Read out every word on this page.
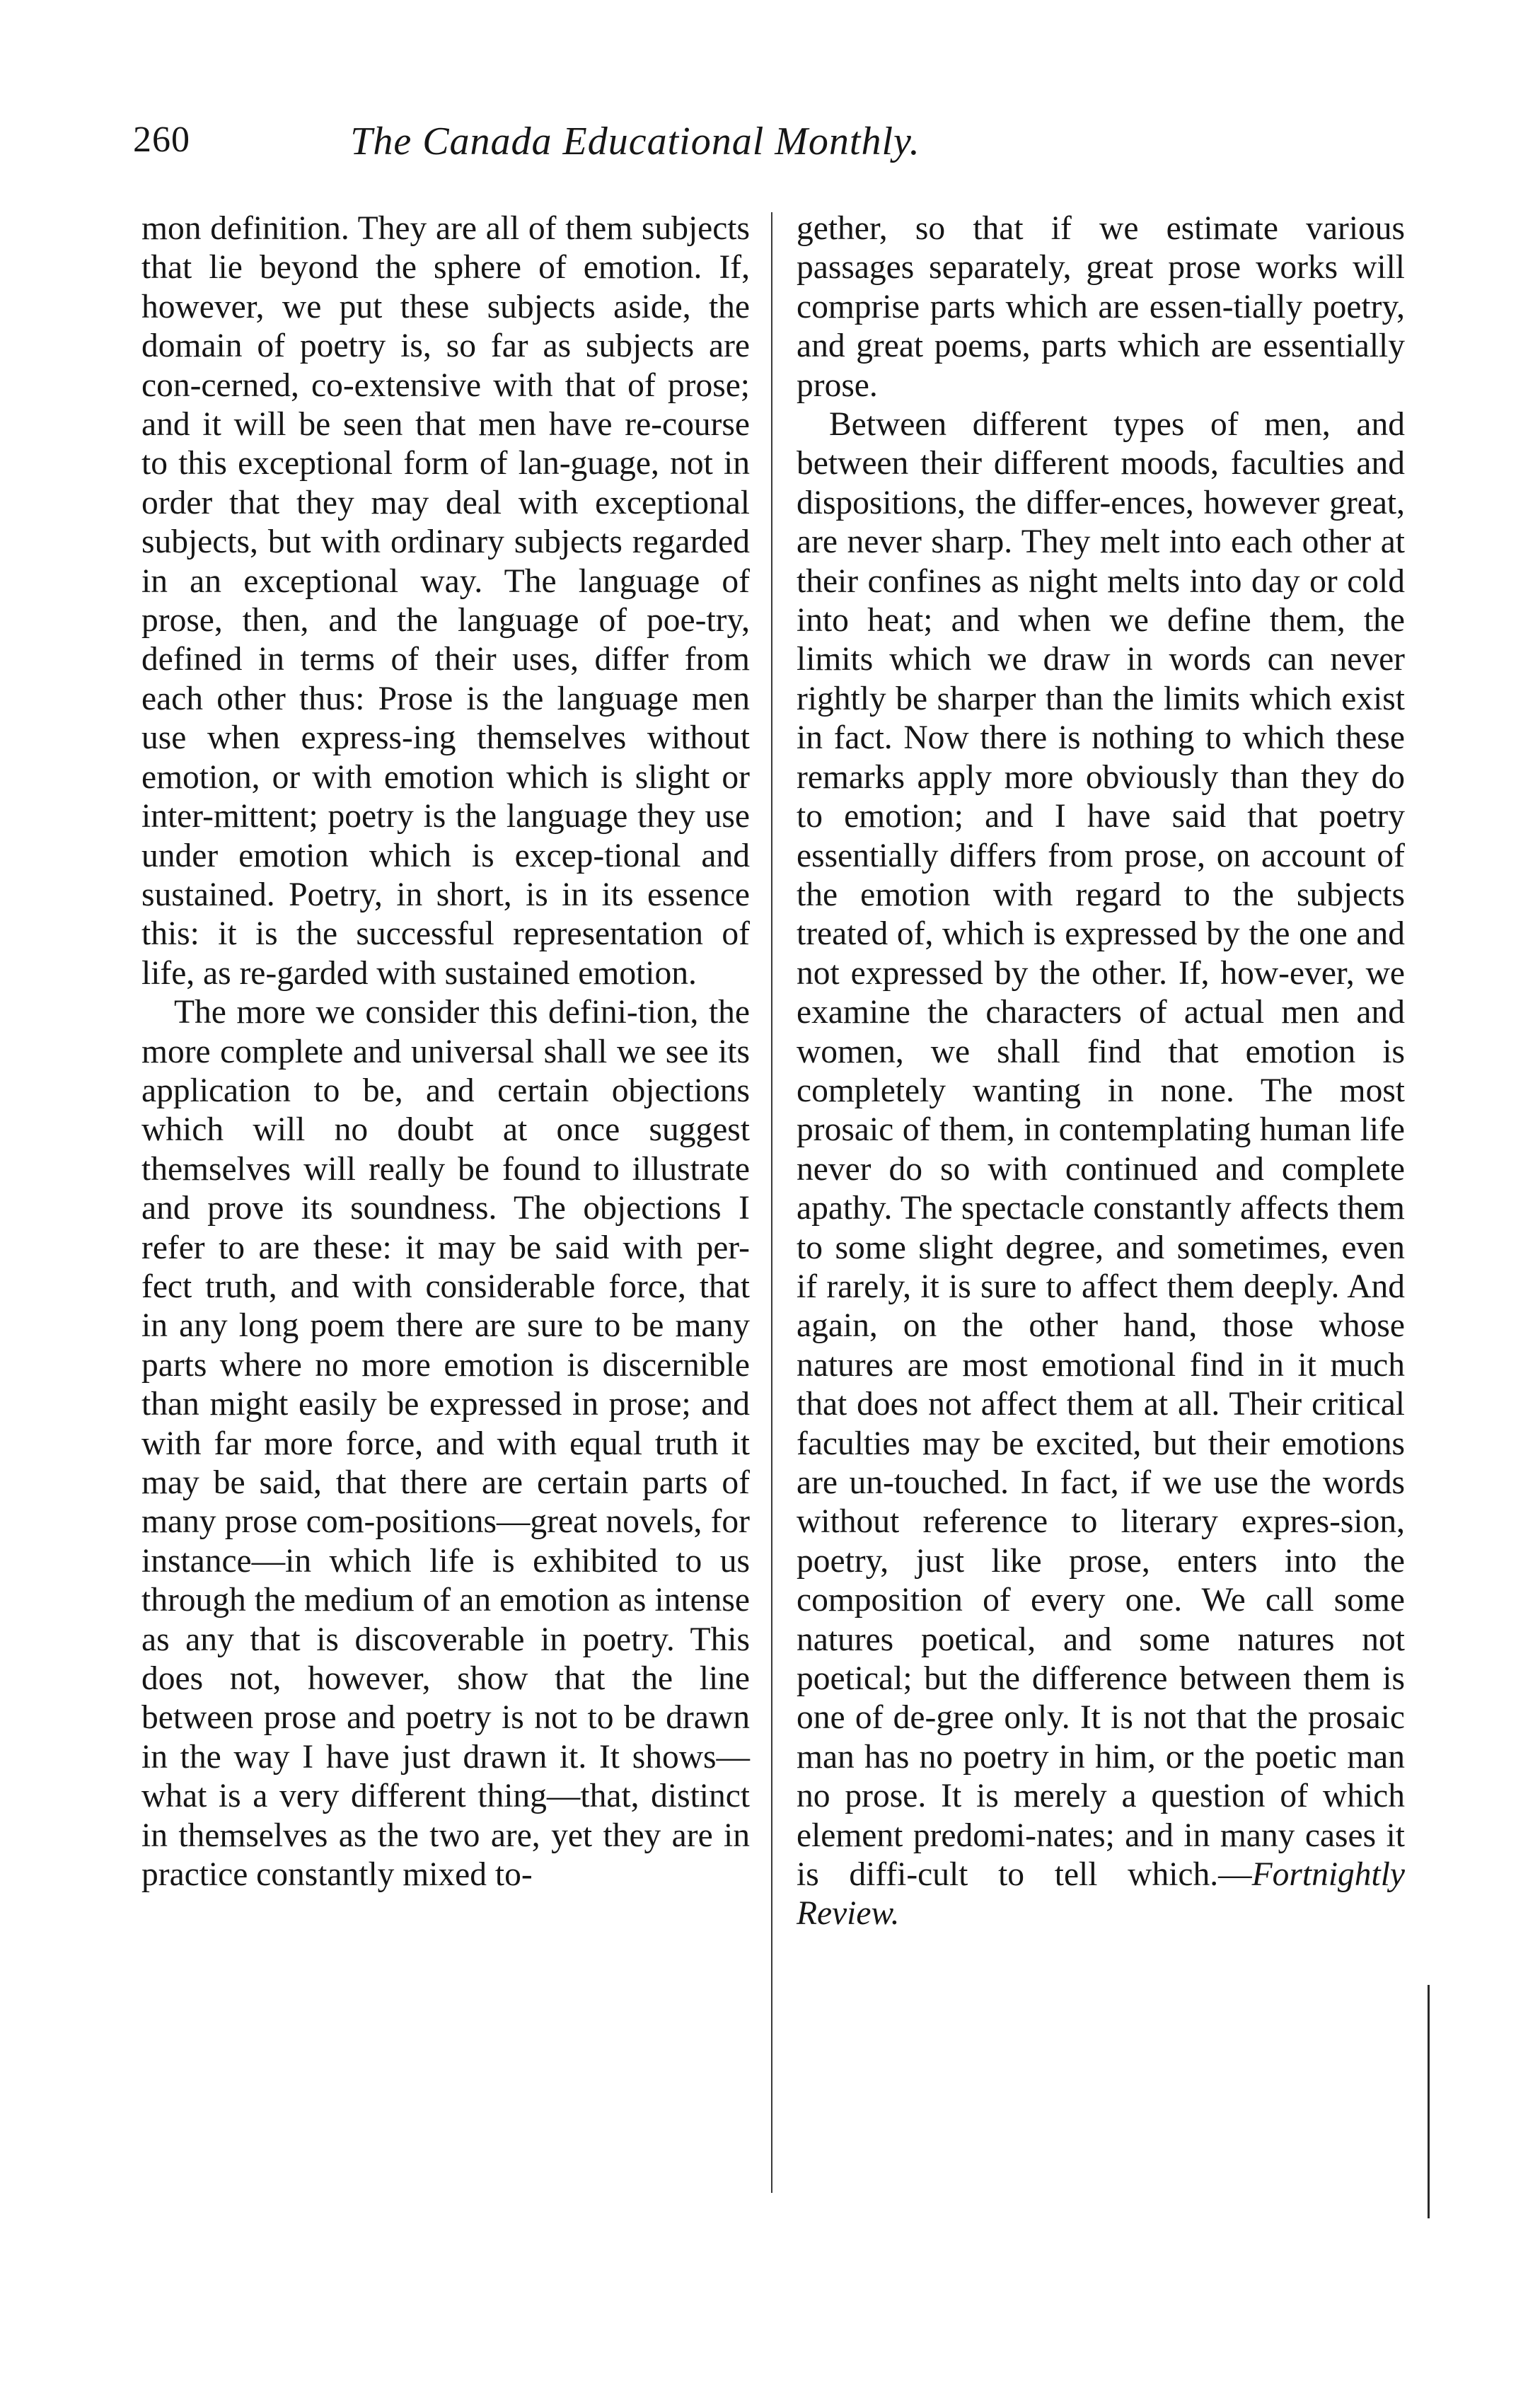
260	The Canada Educational Monthly.

mon definition. They are all of them subjects that lie beyond the sphere of emotion. If, however, we put these subjects aside, the domain of poetry is, so far as subjects are con-cerned, co-extensive with that of prose; and it will be seen that men have re-course to this exceptional form of lan-guage, not in order that they may deal with exceptional subjects, but with ordinary subjects regarded in an exceptional way. The language of prose, then, and the language of poe-try, defined in terms of their uses, differ from each other thus: Prose is the language men use when express-ing themselves without emotion, or with emotion which is slight or inter-mittent; poetry is the language they use under emotion which is excep-tional and sustained. Poetry, in short, is in its essence this: it is the successful representation of life, as re-garded with sustained emotion.

The more we consider this defini-tion, the more complete and universal shall we see its application to be, and certain objections which will no doubt at once suggest themselves will really be found to illustrate and prove its soundness. The objections I refer to are these: it may be said with per-fect truth, and with considerable force, that in any long poem there are sure to be many parts where no more emotion is discernible than might easily be expressed in prose; and with far more force, and with equal truth it may be said, that there are certain parts of many prose com-positions—great novels, for instance—in which life is exhibited to us through the medium of an emotion as intense as any that is discoverable in poetry. This does not, however, show that the line between prose and poetry is not to be drawn in the way I have just drawn it. It shows—what is a very different thing—that, distinct in themselves as the two are, yet they are in practice constantly mixed to-

gether, so that if we estimate various passages separately, great prose works will comprise parts which are essen-tially poetry, and great poems, parts which are essentially prose.

Between different types of men, and between their different moods, faculties and dispositions, the differ-ences, however great, are never sharp. They melt into each other at their confines as night melts into day or cold into heat; and when we define them, the limits which we draw in words can never rightly be sharper than the limits which exist in fact. Now there is nothing to which these remarks apply more obviously than they do to emotion; and I have said that poetry essentially differs from prose, on account of the emotion with regard to the subjects treated of, which is expressed by the one and not expressed by the other. If, how-ever, we examine the characters of actual men and women, we shall find that emotion is completely wanting in none. The most prosaic of them, in contemplating human life never do so with continued and complete apathy. The spectacle constantly affects them to some slight degree, and sometimes, even if rarely, it is sure to affect them deeply. And again, on the other hand, those whose natures are most emotional find in it much that does not affect them at all. Their critical faculties may be excited, but their emotions are un-touched. In fact, if we use the words without reference to literary expres-sion, poetry, just like prose, enters into the composition of every one. We call some natures poetical, and some natures not poetical; but the difference between them is one of de-gree only. It is not that the prosaic man has no poetry in him, or the poetic man no prose. It is merely a question of which element predomi-nates; and in many cases it is diffi-cult to tell which.—Fortnightly Review.
